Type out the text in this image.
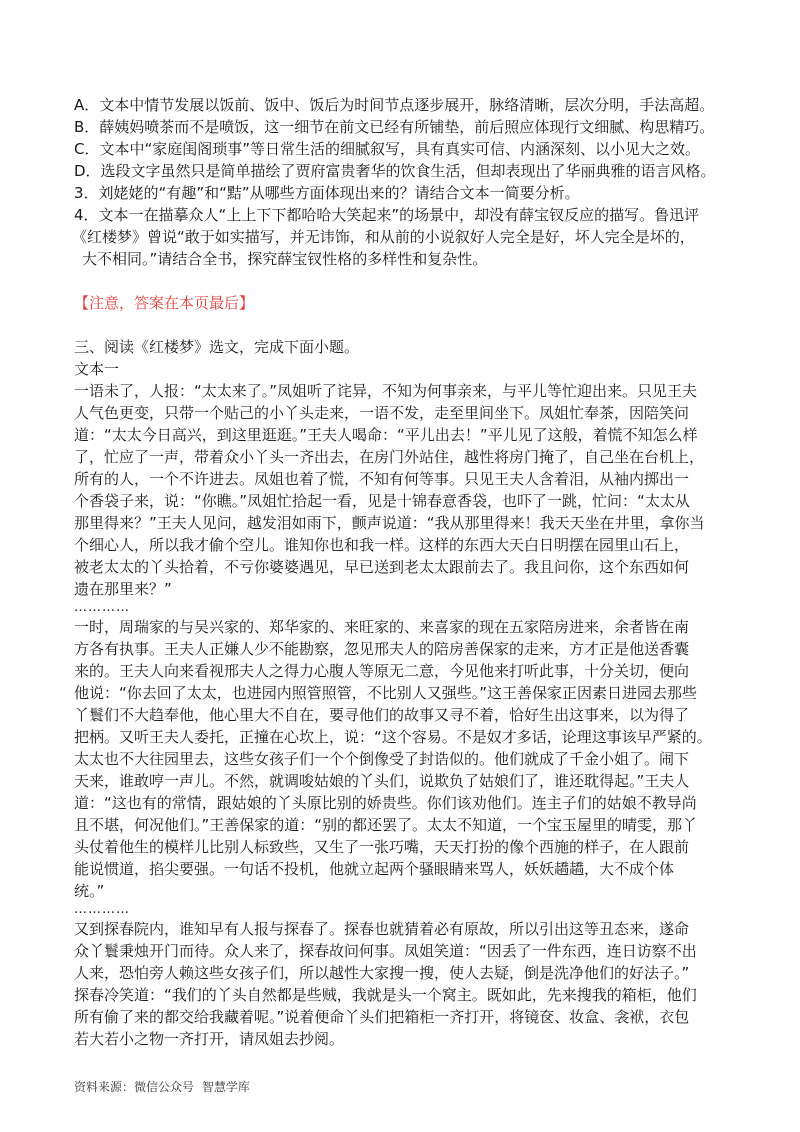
A．文本中情节发展以饭前、饭中、饭后为时间节点逐步展开，脉络清晰，层次分明，手法高超。

B．薛姨妈喷茶而不是喷饭，这一细节在前文已经有所铺垫，前后照应体现行文细腻、构思精巧。

C．文本中“家庭闺阁琐事”等日常生活的细腻叙写，具有真实可信、内涵深刻、以小见大之效。

D．选段文字虽然只是简单描绘了贾府富贵奢华的饮食生活，但却表现出了华丽典雅的语言风格。

3．刘姥姥的“有趣”和“黠”从哪些方面体现出来的？请结合文本一简要分析。

4．文本一在描摹众人“上上下下都哈哈大笑起来”的场景中，却没有薛宝钗反应的描写。鲁迅评

《红楼梦》曾说“敢于如实描写，并无讳饰，和从前的小说叙好人完全是好，坏人完全是坏的，

大不相同。”请结合全书，探究薛宝钗性格的多样性和复杂性。

【注意，答案在本页最后】

三、阅读《红楼梦》选文，完成下面小题。

文本一

一语未了，人报：“太太来了。”凤姐听了诧异，不知为何事亲来，与平儿等忙迎出来。只见王夫

人气色更变，只带一个贴己的小丫头走来，一语不发，走至里间坐下。凤姐忙奉茶，因陪笑问

道：“太太今日高兴，到这里逛逛。”王夫人喝命：“平儿出去！”平儿见了这般，着慌不知怎么样

了，忙应了一声，带着众小丫头一齐出去，在房门外站住，越性将房门掩了，自己坐在台机上，

所有的人，一个不许进去。凤姐也着了慌，不知有何等事。只见王夫人含着泪，从袖内掷出一

个香袋子来，说：“你瞧。”凤姐忙拾起一看，见是十锦春意香袋，也吓了一跳，忙问：“太太从

那里得来？”王夫人见问，越发泪如雨下，颤声说道：“我从那里得来！我天天坐在井里，拿你当

个细心人，所以我才偷个空儿。谁知你也和我一样。这样的东西大天白日明摆在园里山石上，

被老太太的丫头拾着，不亏你婆婆遇见，早已送到老太太跟前去了。我且问你，这个东西如何

遗在那里来？”

…………

一时，周瑞家的与吴兴家的、郑华家的、来旺家的、来喜家的现在五家陪房进来，余者皆在南

方各有执事。王夫人正嫌人少不能勘察，忽见邢夫人的陪房善保家的走来，方才正是他送香囊

来的。王夫人向来看视邢夫人之得力心腹人等原无二意，今见他来打听此事，十分关切，便向

他说：“你去回了太太，也进园内照管照管，不比别人又强些。”这王善保家正因素日进园去那些

丫鬟们不大趋奉他，他心里大不自在，要寻他们的故事又寻不着，恰好生出这事来，以为得了

把柄。又听王夫人委托，正撞在心坎上，说：“这个容易。不是奴才多话，论理这事该早严紧的。

太太也不大往园里去，这些女孩子们一个个倒像受了封诰似的。他们就成了千金小姐了。闹下

天来，谁敢哼一声儿。不然，就调唆姑娘的丫头们，说欺负了姑娘们了，谁还耽得起。”王夫人

道：“这也有的常情，跟姑娘的丫头原比别的娇贵些。你们该劝他们。连主子们的姑娘不教导尚

且不堪，何况他们。”王善保家的道：“别的都还罢了。太太不知道，一个宝玉屋里的晴雯，那丫

头仗着他生的模样儿比别人标致些，又生了一张巧嘴，天天打扮的像个西施的样子，在人跟前

能说惯道，掐尖要强。一句话不投机，他就立起两个骚眼睛来骂人，妖妖趫趫，大不成个体

统。”

…………

又到探春院内，谁知早有人报与探春了。探春也就猜着必有原故，所以引出这等丑态来，遂命

众丫鬟秉烛开门而待。众人来了，探春故问何事。凤姐笑道：“因丢了一件东西，连日访察不出

人来，恐怕旁人赖这些女孩子们，所以越性大家搜一搜，使人去疑，倒是洗净他们的好法子。”

探春冷笑道：“我们的丫头自然都是些贼，我就是头一个窝主。既如此，先来搜我的箱柜，他们

所有偷了来的都交给我藏着呢。”说着便命丫头们把箱柜一齐打开，将镜奁、妆盒、衾袱，衣包

若大若小之物一齐打开，请凤姐去抄阅。

资料来源：微信公众号 智慧学库
